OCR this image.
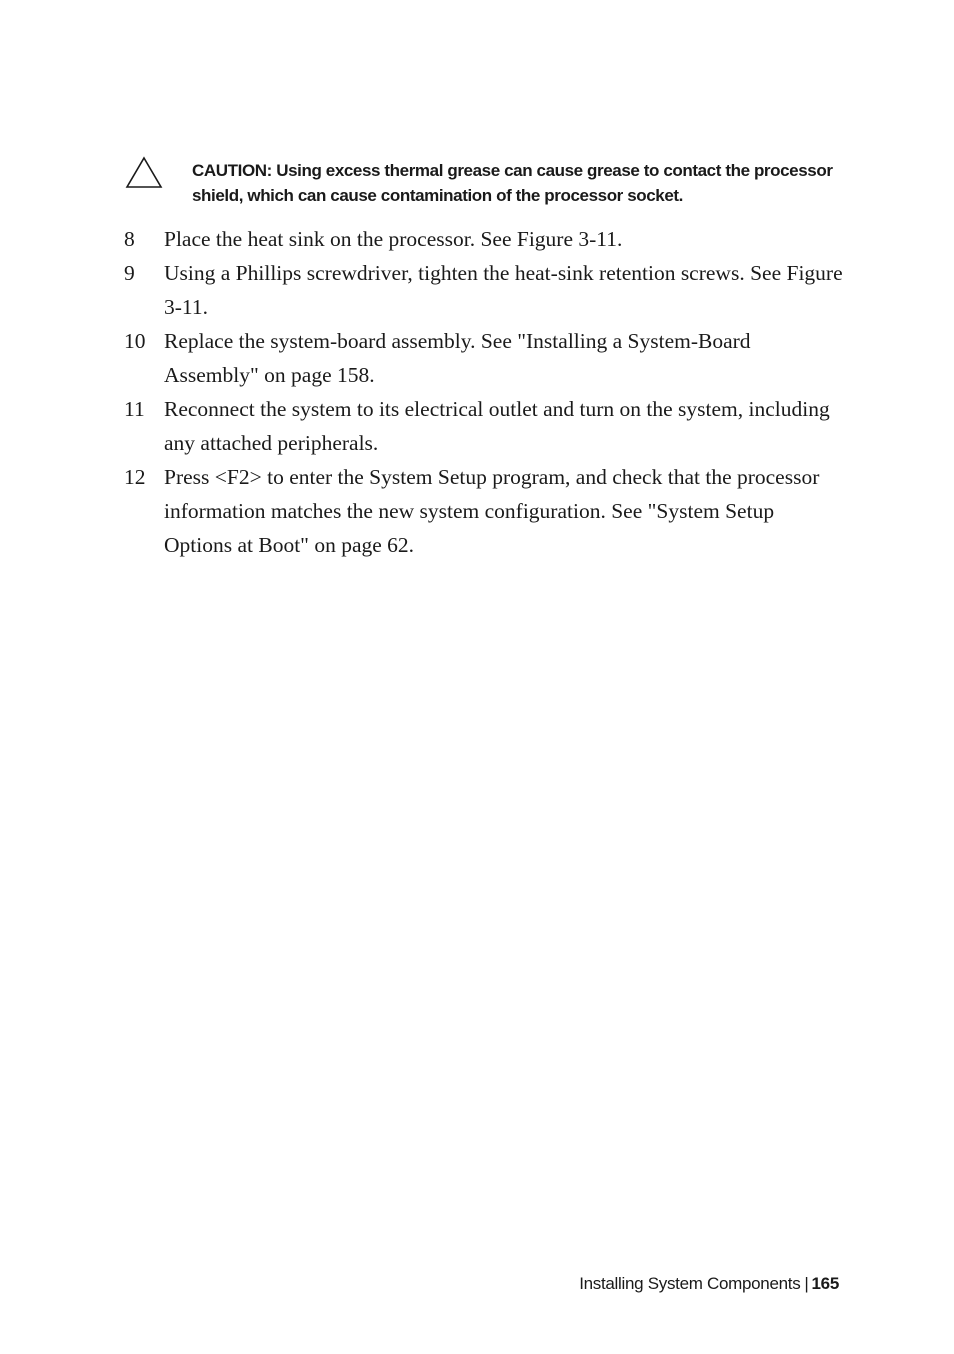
CAUTION: Using excess thermal grease can cause grease to contact the processor shield, which can cause contamination of the processor socket.
8 Place the heat sink on the processor. See Figure 3-11.
9 Using a Phillips screwdriver, tighten the heat-sink retention screws. See Figure 3-11.
10 Replace the system-board assembly. See "Installing a System-Board Assembly" on page 158.
11 Reconnect the system to its electrical outlet and turn on the system, including any attached peripherals.
12 Press <F2> to enter the System Setup program, and check that the processor information matches the new system configuration. See "System Setup Options at Boot" on page 62.
Installing System Components | 165
